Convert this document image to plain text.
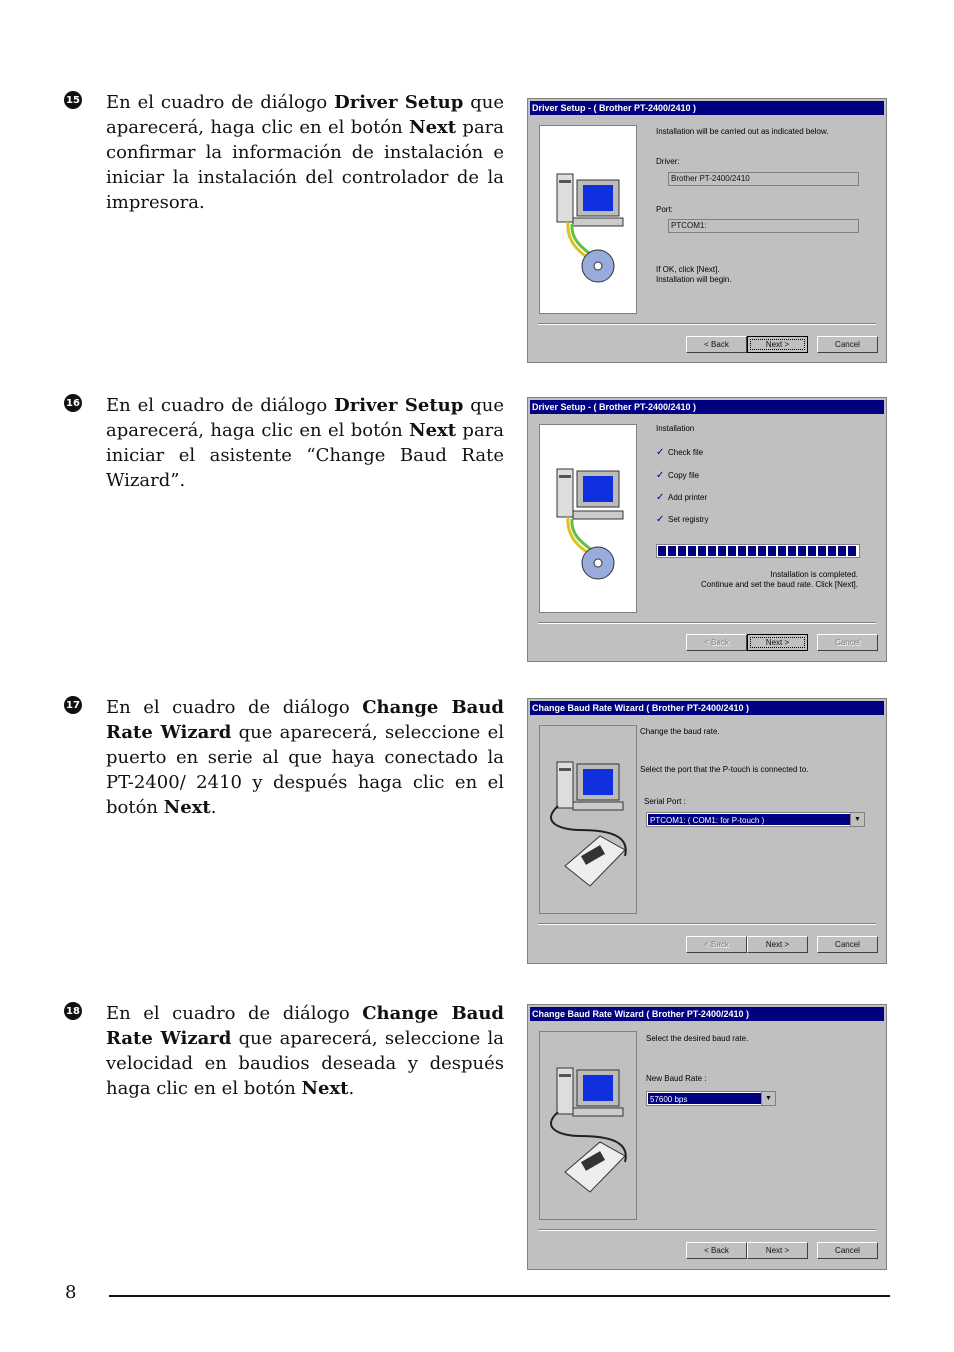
15 En el cuadro de diálogo Driver Setup que aparecerá, haga clic en el botón Next para confirmar la información de instalación e iniciar la instalación del controlador de la impresora.

Driver Setup - ( Brother PT-2400/2410 )
Installation will be carried out as indicated below.
Driver:
Brother PT-2400/2410
Port:
PTCOM1:
If OK, click [Next].
Installation will begin.
< Back	Next >	Cancel
16 En el cuadro de diálogo Driver Setup que aparecerá, haga clic en el botón Next para iniciar el asistente “Change Baud Rate Wizard”.

Driver Setup - ( Brother PT-2400/2410 )
Installation
✓ Check file
✓ Copy file
✓ Add printer
✓ Set registry
Installation is completed.
Continue and set the baud rate. Click [Next].
< Back	Next >	Cancel
17 En el cuadro de diálogo Change Baud Rate Wizard que aparecerá, seleccione el puerto en serie al que haya conectado la PT-2400/ 2410 y después haga clic en el botón Next.

Change Baud Rate Wizard ( Brother PT-2400/2410 )
Change the baud rate.
Select the port that the P-touch is connected to.
Serial Port :
PTCOM1: ( COM1: for P-touch )	▼
< Back	Next >	Cancel
18 En el cuadro de diálogo Change Baud Rate Wizard que aparecerá, seleccione la velocidad en baudios deseada y después haga clic en el botón Next.

Change Baud Rate Wizard ( Brother PT-2400/2410 )
Select the desired baud rate.
New Baud Rate :
57600 bps	▼
< Back	Next >	Cancel
8
